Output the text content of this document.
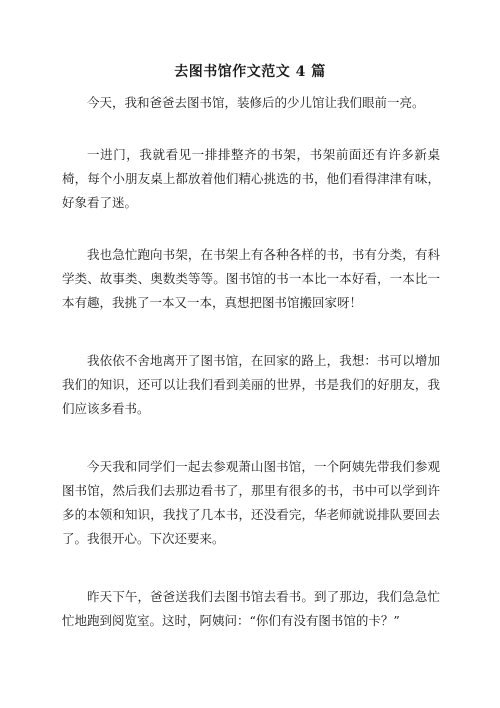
去图书馆作文范文 4 篇

今天，我和爸爸去图书馆，装修后的少儿馆让我们眼前一亮。

一进门，我就看见一排排整齐的书架，书架前面还有许多新桌椅，每个小朋友桌上都放着他们精心挑选的书，他们看得津津有味，好象看了迷。

我也急忙跑向书架，在书架上有各种各样的书，书有分类，有科学类、故事类、奥数类等等。图书馆的书一本比一本好看，一本比一本有趣，我挑了一本又一本，真想把图书馆搬回家呀！

我依依不舍地离开了图书馆，在回家的路上，我想：书可以增加我们的知识，还可以让我们看到美丽的世界，书是我们的好朋友，我们应该多看书。

今天我和同学们一起去参观萧山图书馆，一个阿姨先带我们参观图书馆，然后我们去那边看书了，那里有很多的书，书中可以学到许多的本领和知识，我找了几本书，还没看完，华老师就说排队要回去了。我很开心。下次还要来。

昨天下午，爸爸送我们去图书馆去看书。到了那边，我们急急忙忙地跑到阅览室。这时，阿姨问：“你们有没有图书馆的卡？”
